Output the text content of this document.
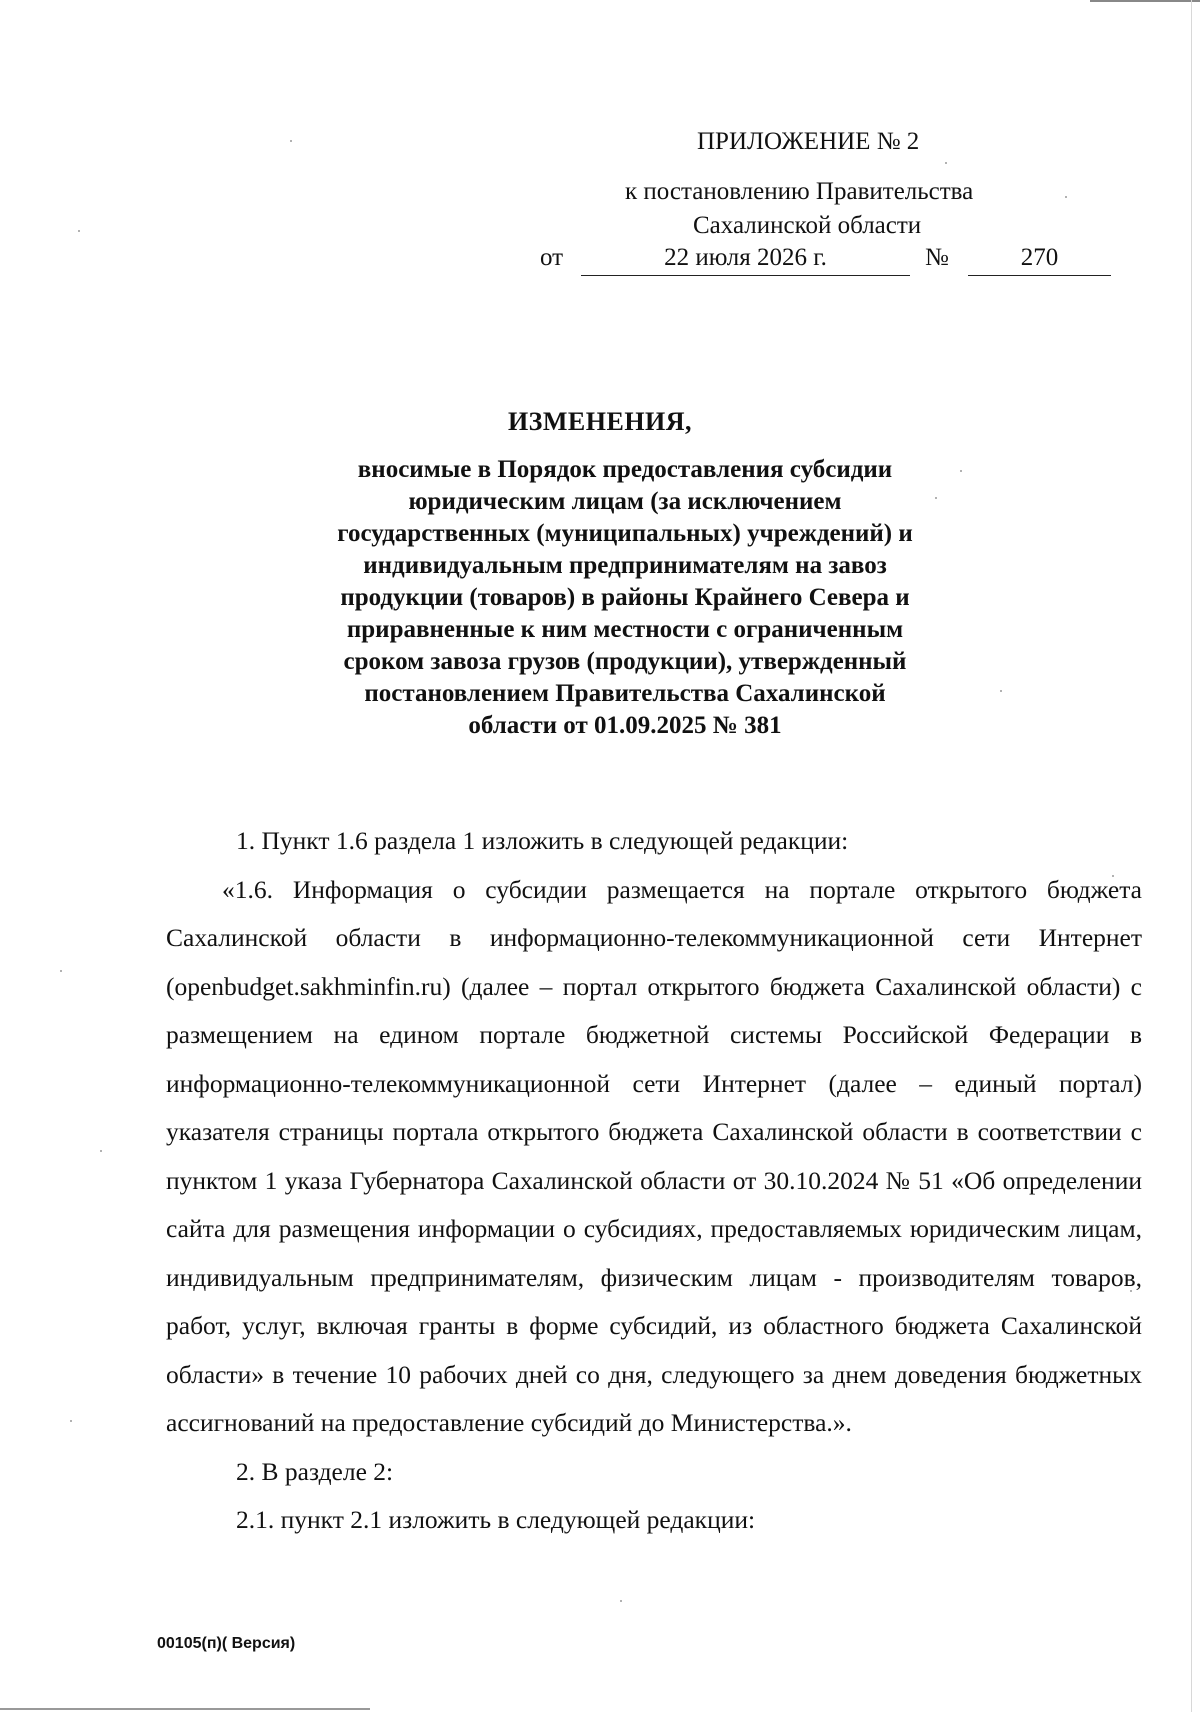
ПРИЛОЖЕНИЕ № 2
к постановлению Правительства
Сахалинской области
от	22 июля 2026 г.	№	270
ИЗМЕНЕНИЯ,
вносимые в Порядок предоставления субсидии
юридическим лицам (за исключением
государственных (муниципальных) учреждений) и
индивидуальным предпринимателям на завоз
продукции (товаров) в районы Крайнего Севера и
приравненные к ним местности с ограниченным
сроком завоза грузов (продукции), утвержденный
постановлением Правительства Сахалинской
области от 01.09.2025 № 381

1. Пункт 1.6 раздела 1 изложить в следующей редакции:

«1.6. Информация о субсидии размещается на портале открытого бюджета Сахалинской области в информационно-телекоммуникационной сети Интернет (openbudget.sakhminfin.ru) (далее – портал открытого бюджета Сахалинской области) с размещением на едином портале бюджетной системы Российской Федерации в информационно-телекоммуникационной сети Интернет (далее – единый портал) указателя страницы портала открытого бюджета Сахалинской области в соответствии с пунктом 1 указа Губернатора Сахалинской области от 30.10.2024 № 51 «Об определении сайта для размещения информации о субсидиях, предоставляемых юридическим лицам, индивидуальным предпринимателям, физическим лицам - производителям товаров, работ, услуг, включая гранты в форме субсидий, из областного бюджета Сахалинской области» в течение 10 рабочих дней со дня, следующего за днем доведения бюджетных ассигнований на предоставление субсидий до Министерства.».

2. В разделе 2:

2.1. пункт 2.1 изложить в следующей редакции:

00105(п)( Версия)
